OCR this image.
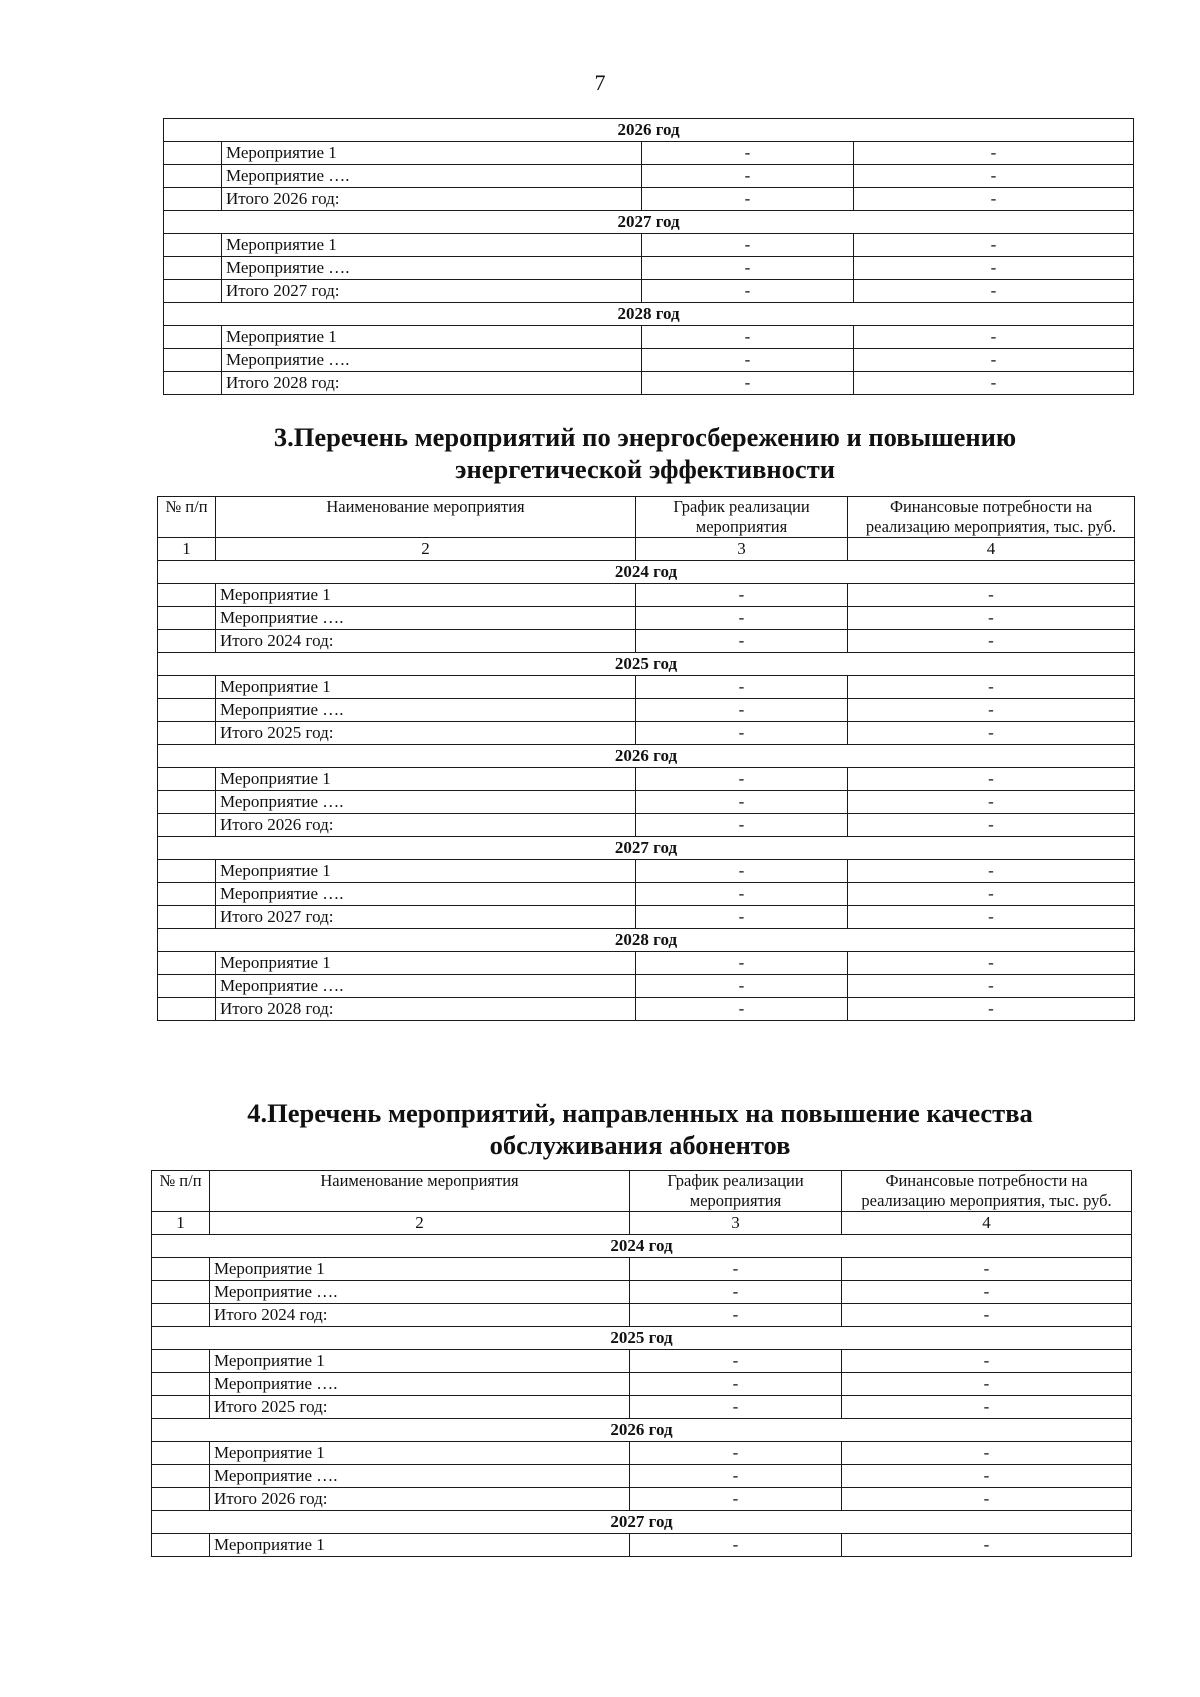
7
2026 год			
	Мероприятие 1	-	-
	Мероприятие ….	-	-
	Итого 2026 год:	-	-
2027 год			
	Мероприятие 1	-	-
	Мероприятие ….	-	-
	Итого 2027 год:	-	-
2028 год			
	Мероприятие 1	-	-
	Мероприятие ….	-	-
	Итого 2028 год:	-	-
3.Перечень мероприятий по энергосбережению и повышению
энергетической эффективности
№ п/п	Наименование мероприятия	График реализации мероприятия	Финансовые потребности на реализацию мероприятия, тыс. руб.
1	2	3	4
2024 год			
	Мероприятие 1	-	-
	Мероприятие ….	-	-
	Итого 2024 год:	-	-
2025 год			
	Мероприятие 1	-	-
	Мероприятие ….	-	-
	Итого 2025 год:	-	-
2026 год			
	Мероприятие 1	-	-
	Мероприятие ….	-	-
	Итого 2026 год:	-	-
2027 год			
	Мероприятие 1	-	-
	Мероприятие ….	-	-
	Итого 2027 год:	-	-
2028 год			
	Мероприятие 1	-	-
	Мероприятие ….	-	-
	Итого 2028 год:	-	-
4.Перечень мероприятий, направленных на повышение качества
обслуживания абонентов
№ п/п	Наименование мероприятия	График реализации мероприятия	Финансовые потребности на реализацию мероприятия, тыс. руб.
1	2	3	4
2024 год			
	Мероприятие 1	-	-
	Мероприятие ….	-	-
	Итого 2024 год:	-	-
2025 год			
	Мероприятие 1	-	-
	Мероприятие ….	-	-
	Итого 2025 год:	-	-
2026 год			
	Мероприятие 1	-	-
	Мероприятие ….	-	-
	Итого 2026 год:	-	-
2027 год			
	Мероприятие 1	-	-
